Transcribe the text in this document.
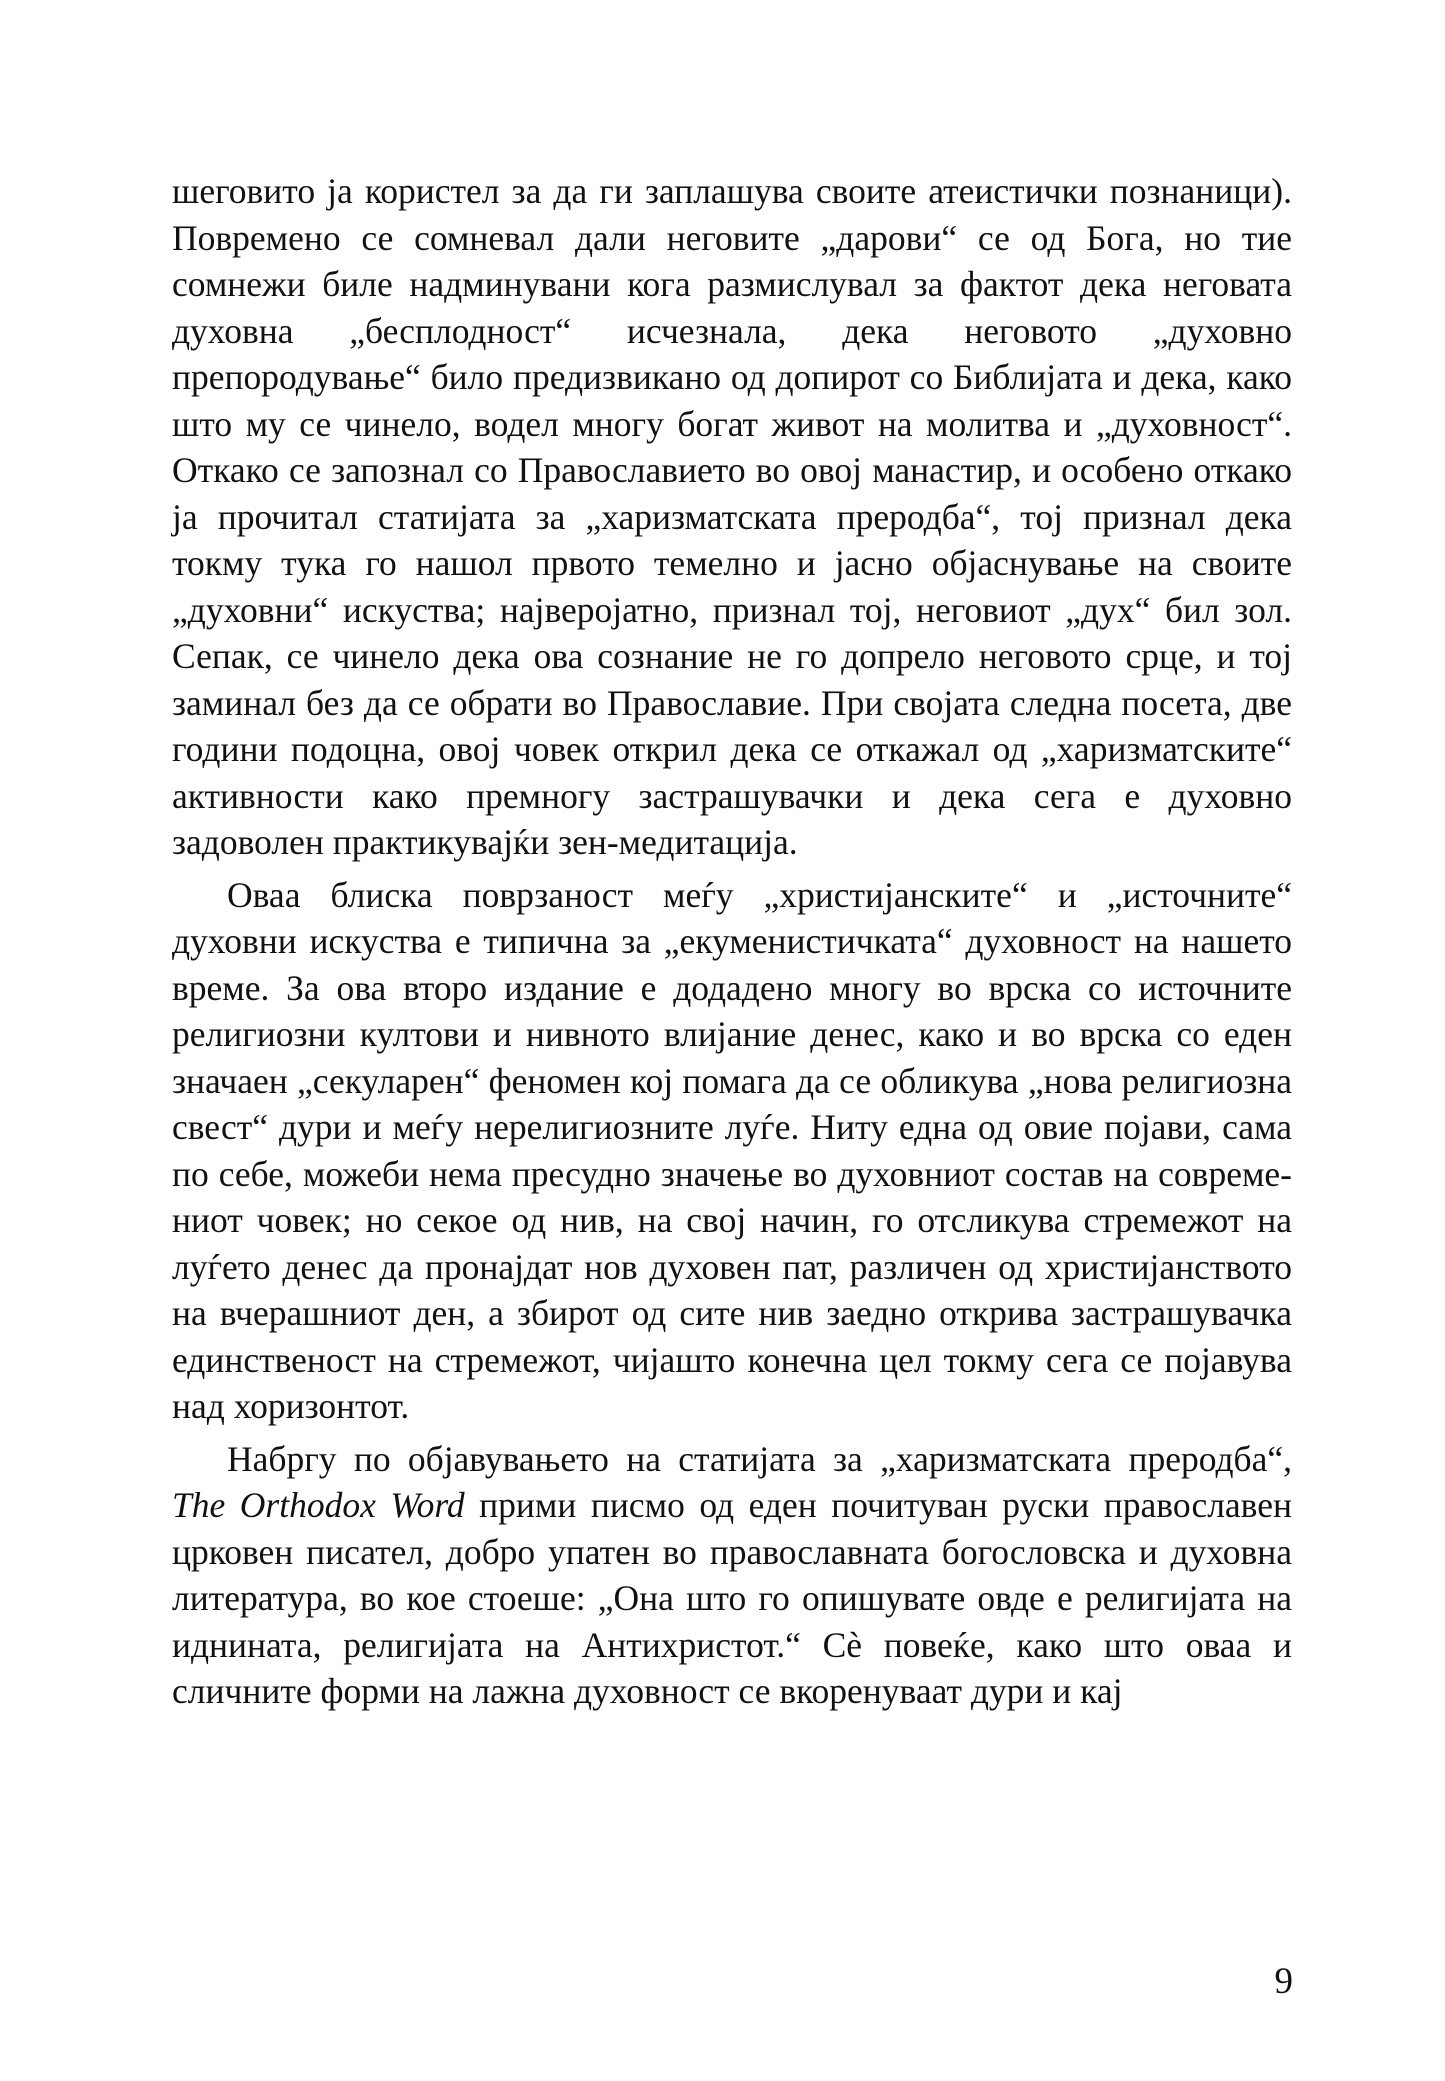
шеговито ја користел за да ги заплашува своите атеистички познаници). Повремено се сомневал дали неговите „дарови“ се од Бога, но тие сомнежи биле надминувани кога размислувал за фактот дека неговата духовна „бесплодност“ исчезнала, дека неговото „духовно препородување“ било предизвикано од допирот со Библијата и дека, како што му се чинело, водел многу богат живот на молитва и „духовност“. Откако се запознал со Православието во овој манастир, и особено откако ја прочитал статијата за „харизматската преродба“, тој признал дека токму тука го нашол првото темелно и јасно објаснување на своите „духовни“ искуства; најверојатно, признал тој, неговиот „дух“ бил зол. Сепак, се чинело дека ова сознание не го допрело неговото срце, и тој заминал без да се обрати во Православие. При својата следна посета, две години подоцна, овој човек открил дека се откажал од „харизматските“ активности како премногу застрашувачки и дека сега е духовно задоволен практикувајќи зен-медитација.

Оваа блиска поврзаност меѓу „христијанските“ и „источните“ духовни искуства е типична за „екуменистичката“ духовност на нашето време. За ова второ издание е додадено многу во врска со источните религиозни култови и нивното влијание денес, како и во врска со еден значаен „секуларен“ феномен кој помага да се обликува „нова религиозна свест“ дури и меѓу нерелигиозните луѓе. Ниту една од овие појави, сама по себе, можеби нема пресудно значење во духовниот состав на современиот човек; но секое од нив, на свој начин, го отсликува стремежот на луѓето денес да пронајдат нов духовен пат, различен од христијанството на вчерашниот ден, а збирот од сите нив заедно открива застрашувачка единственост на стремежот, чијашто конечна цел токму сега се појавува над хоризонтот.

Набргу по објавувањето на статијата за „харизматската преродба“, The Orthodox Word прими писмо од еден почитуван руски православен црковен писател, добро упатен во православната богословска и духовна литература, во кое стоеше: „Она што го опишувате овде е религијата на иднината, религијата на Антихристот.“ Сè повеќе, како што оваа и сличните форми на лажна духовност се вкоренуваат дури и кај

9
